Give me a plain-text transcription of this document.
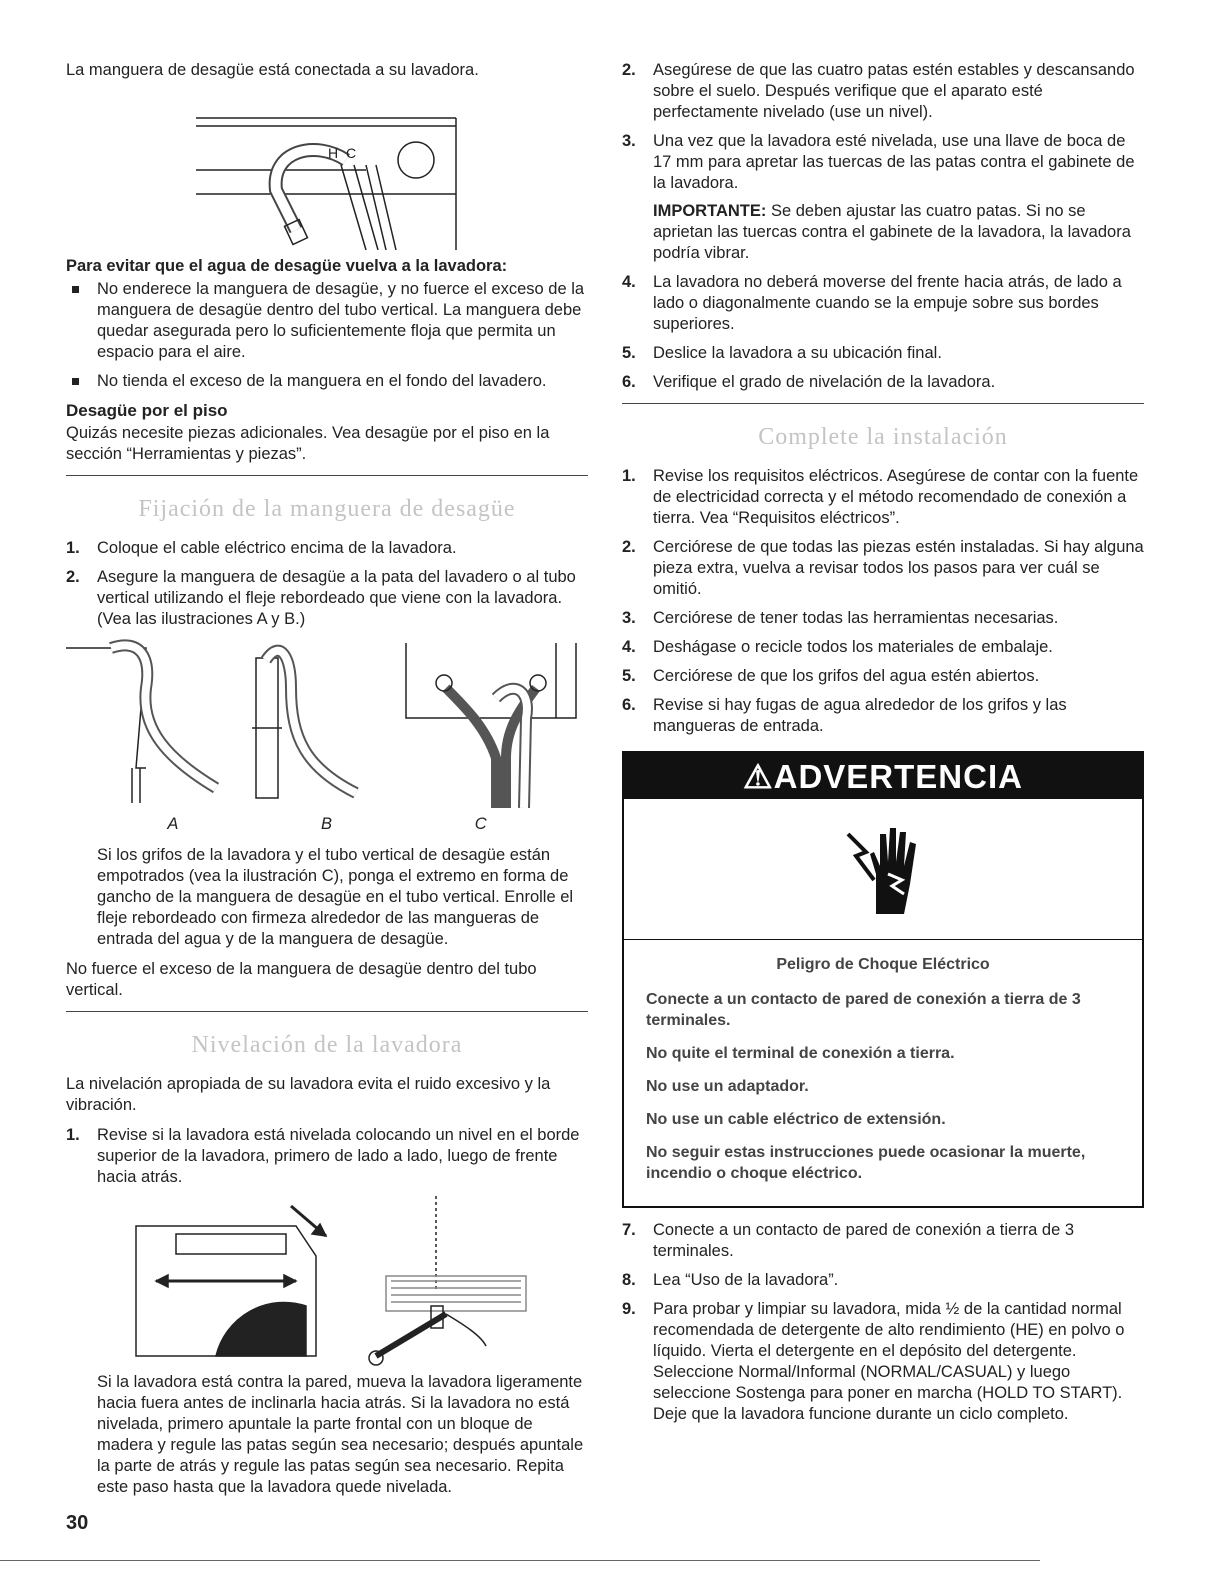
La manguera de desagüe está conectada a su lavadora.

H C

Para evitar que el agua de desagüe vuelva a la lavadora:

No enderece la manguera de desagüe, y no fuerce el exceso de la manguera de desagüe dentro del tubo vertical. La manguera debe quedar asegurada pero lo suficientemente floja que permita un espacio para el aire.
No tienda el exceso de la manguera en el fondo del lavadero.

Desagüe por el piso

Quizás necesite piezas adicionales. Vea desagüe por el piso en la sección “Herramientas y piezas”.

Fijación de la manguera de desagüe
1. Coloque el cable eléctrico encima de la lavadora.
2. Asegure la manguera de desagüe a la pata del lavadero o al tubo vertical utilizando el fleje rebordeado que viene con la lavadora. (Vea las ilustraciones A y B.)
A	B	C

Si los grifos de la lavadora y el tubo vertical de desagüe están empotrados (vea la ilustración C), ponga el extremo en forma de gancho de la manguera de desagüe en el tubo vertical. Enrolle el fleje rebordeado con firmeza alrededor de las mangueras de entrada del agua y de la manguera de desagüe.

No fuerce el exceso de la manguera de desagüe dentro del tubo vertical.

Nivelación de la lavadora

La nivelación apropiada de su lavadora evita el ruido excesivo y la vibración.

1. Revise si la lavadora está nivelada colocando un nivel en el borde superior de la lavadora, primero de lado a lado, luego de frente hacia atrás.

Si la lavadora está contra la pared, mueva la lavadora ligeramente hacia fuera antes de inclinarla hacia atrás. Si la lavadora no está nivelada, primero apuntale la parte frontal con un bloque de madera y regule las patas según sea necesario; después apuntale la parte de atrás y regule las patas según sea necesario. Repita este paso hasta que la lavadora quede nivelada.

2. Asegúrese de que las cuatro patas estén estables y descansando sobre el suelo. Después verifique que el aparato esté perfectamente nivelado (use un nivel).
3. Una vez que la lavadora esté nivelada, use una llave de boca de 17 mm para apretar las tuercas de las patas contra el gabinete de la lavadora.
IMPORTANTE: Se deben ajustar las cuatro patas. Si no se aprietan las tuercas contra el gabinete de la lavadora, la lavadora podría vibrar.
4. La lavadora no deberá moverse del frente hacia atrás, de lado a lado o diagonalmente cuando se la empuje sobre sus bordes superiores.
5. Deslice la lavadora a su ubicación final.
6. Verifique el grado de nivelación de la lavadora.
Complete la instalación
1. Revise los requisitos eléctricos. Asegúrese de contar con la fuente de electricidad correcta y el método recomendado de conexión a tierra. Vea “Requisitos eléctricos”.
2. Cerciórese de que todas las piezas estén instaladas. Si hay alguna pieza extra, vuelva a revisar todos los pasos para ver cuál se omitió.
3. Cerciórese de tener todas las herramientas necesarias.
4. Deshágase o recicle todos los materiales de embalaje.
5. Cerciórese de que los grifos del agua estén abiertos.
6. Revise si hay fugas de agua alrededor de los grifos y las mangueras de entrada.
⚠ADVERTENCIA
Peligro de Choque Eléctrico

Conecte a un contacto de pared de conexión a tierra de 3 terminales.

No quite el terminal de conexión a tierra.

No use un adaptador.

No use un cable eléctrico de extensión.

No seguir estas instrucciones puede ocasionar la muerte, incendio o choque eléctrico.

7. Conecte a un contacto de pared de conexión a tierra de 3 terminales.
8. Lea “Uso de la lavadora”.
9. Para probar y limpiar su lavadora, mida ½ de la cantidad normal recomendada de detergente de alto rendimiento (HE) en polvo o líquido. Vierta el detergente en el depósito del detergente. Seleccione Normal/Informal (NORMAL/CASUAL) y luego seleccione Sostenga para poner en marcha (HOLD TO START). Deje que la lavadora funcione durante un ciclo completo.
30
